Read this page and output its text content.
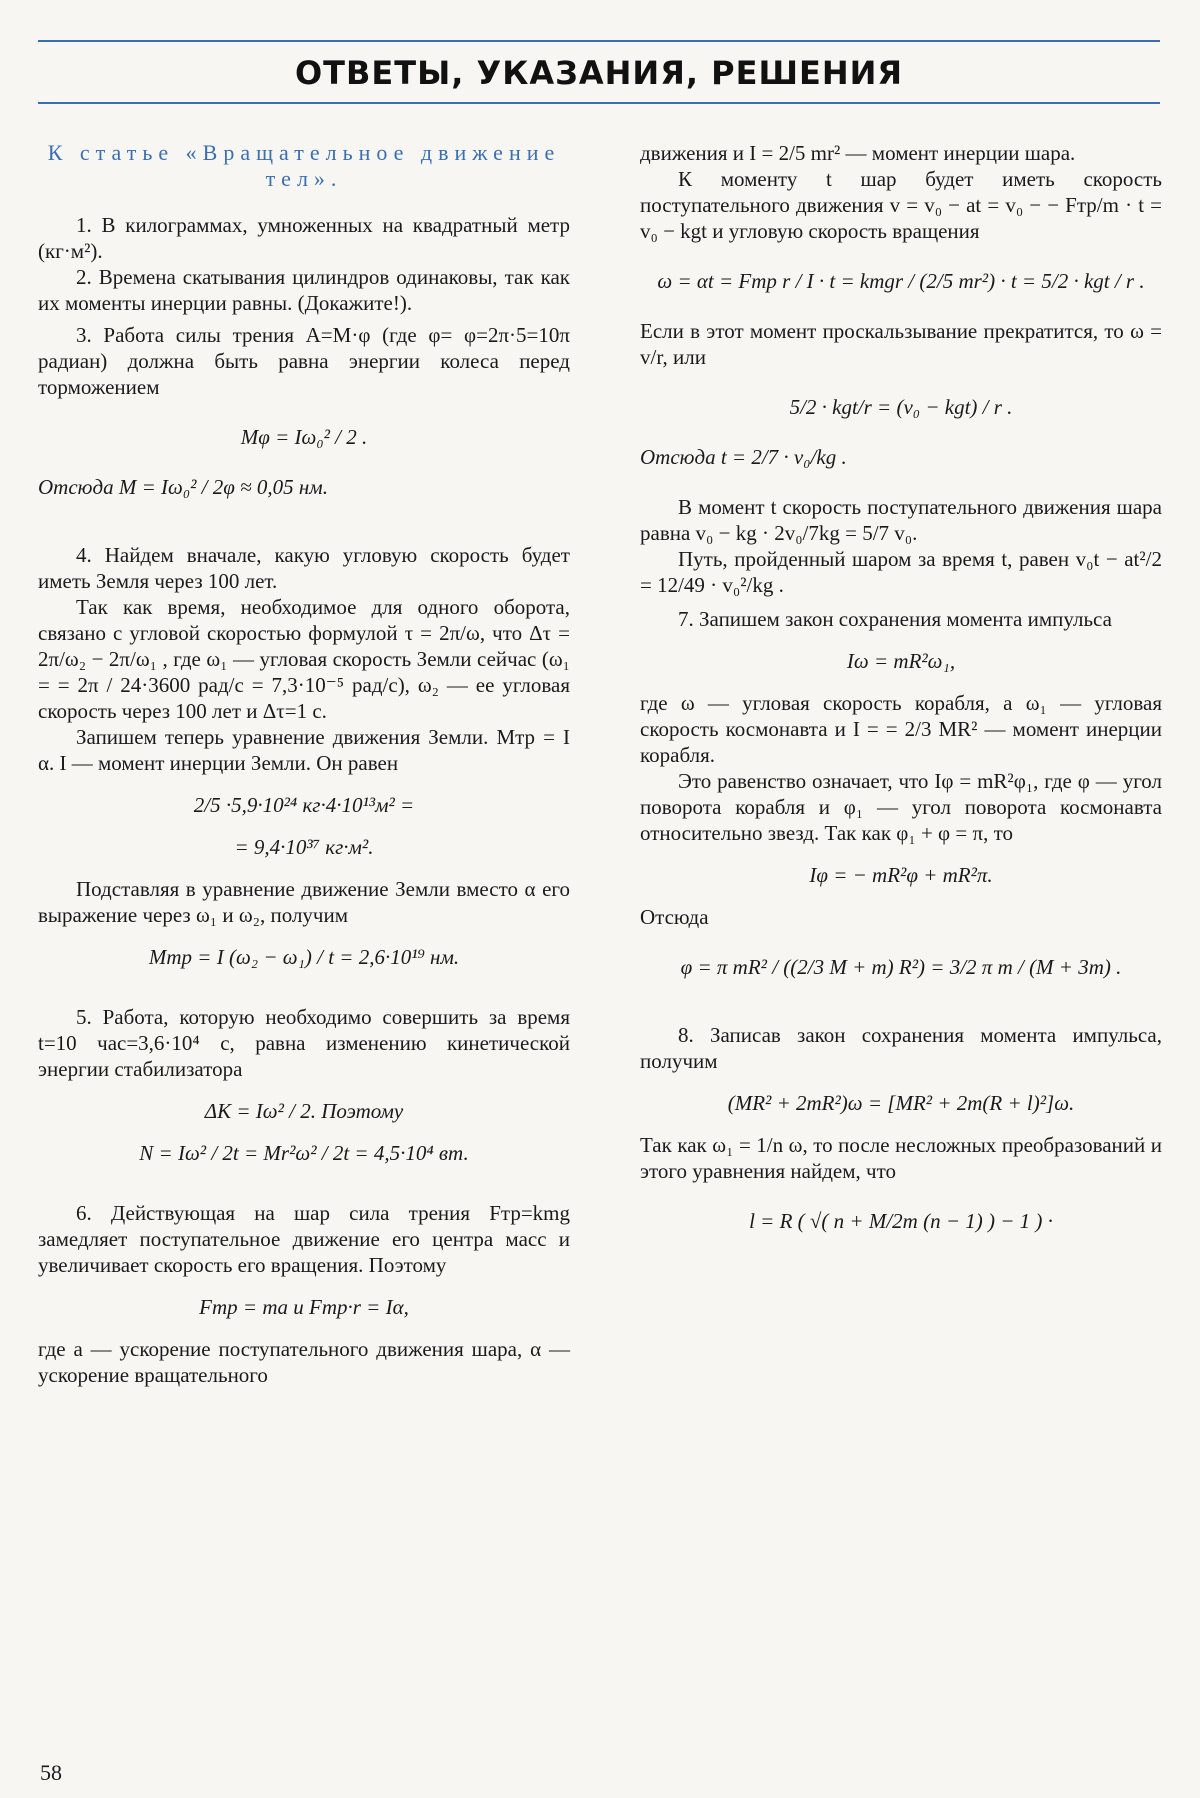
ОТВЕТЫ, УКАЗАНИЯ, РЕШЕНИЯ

К статье «Вращательное движение тел».

1. В килограммах, умноженных на квадратный метр (кг·м²).

2. Времена скатывания цилиндров одинаковы, так как их моменты инерции равны. (Докажите!).

3. Работа силы трения A=M·φ (где φ= φ=2π·5=10π радиан) должна быть равна энергии колеса перед торможением

Mφ = Iω₀² / 2 .
Отсюда M = Iω₀² / 2φ ≈ 0,05 нм.

4. Найдем вначале, какую угловую скорость будет иметь Земля через 100 лет.

Так как время, необходимое для одного оборота, связано с угловой скоростью формулой τ = 2π/ω, что Δτ = 2π/ω₂ − 2π/ω₁ , где ω₁ — угловая скорость Земли сейчас (ω₁ = = 2π / 24·3600 рад/с = 7,3·10⁻⁵ рад/с), ω₂ — ее угловая скорость через 100 лет и Δτ=1 с.

Запишем теперь уравнение движения Земли. Mтр = I α. I — момент инерции Земли. Он равен

2/5 ·5,9·10²⁴ кг·4·10¹³м² =
= 9,4·10³⁷ кг·м².

Подставляя в уравнение движение Земли вместо α его выражение через ω₁ и ω₂, получим

Mтр = I (ω₂ − ω₁) / t = 2,6·10¹⁹ нм.

5. Работа, которую необходимо совершить за время t=10 час=3,6·10⁴ с, равна изменению кинетической энергии стабилизатора

ΔK = Iω² / 2. Поэтому
N = Iω² / 2t = Mr²ω² / 2t = 4,5·10⁴ вт.

6. Действующая на шар сила трения Fтр=kmg замедляет поступательное движение его центра масс и увеличивает скорость его вращения. Поэтому

Fтр = ma и Fтр·r = Iα,

где a — ускорение поступательного движения шара, α — ускорение вращательного

движения и I = 2/5 mr² — момент инерции шара.

К моменту t шар будет иметь скорость поступательного движения v = v₀ − at = v₀ − − Fтр/m · t = v₀ − kgt и угловую скорость вращения

ω = αt = Fтр r / I · t = kmgr / (2/5 mr²) · t = 5/2 · kgt / r .

Если в этот момент проскальзывание прекратится, то ω = v/r, или

5/2 · kgt/r = (v₀ − kgt) / r .
Отсюда t = 2/7 · v₀/kg .

В момент t скорость поступательного движения шара равна v₀ − kg · 2v₀/7kg = 5/7 v₀.

Путь, пройденный шаром за время t, равен v₀t − at²/2 = 12/49 · v₀²/kg .

7. Запишем закон сохранения момента импульса

Iω = mR²ω₁,

где ω — угловая скорость корабля, а ω₁ — угловая скорость космонавта и I = = 2/3 MR² — момент инерции корабля.

Это равенство означает, что Iφ = mR²φ₁, где φ — угол поворота корабля и φ₁ — угол поворота космонавта относительно звезд. Так как φ₁ + φ = π, то

Iφ = − mR²φ + mR²π.

Отсюда

φ = π mR² / ((2/3 M + m) R²) = 3/2 π m / (M + 3m) .

8. Записав закон сохранения момента импульса, получим

(MR² + 2mR²)ω = [MR² + 2m(R + l)²]ω.

Так как ω₁ = 1/n ω, то после несложных преобразований и этого уравнения найдем, что

l = R ( √( n + M/2m (n − 1) ) − 1 ) ·
58
